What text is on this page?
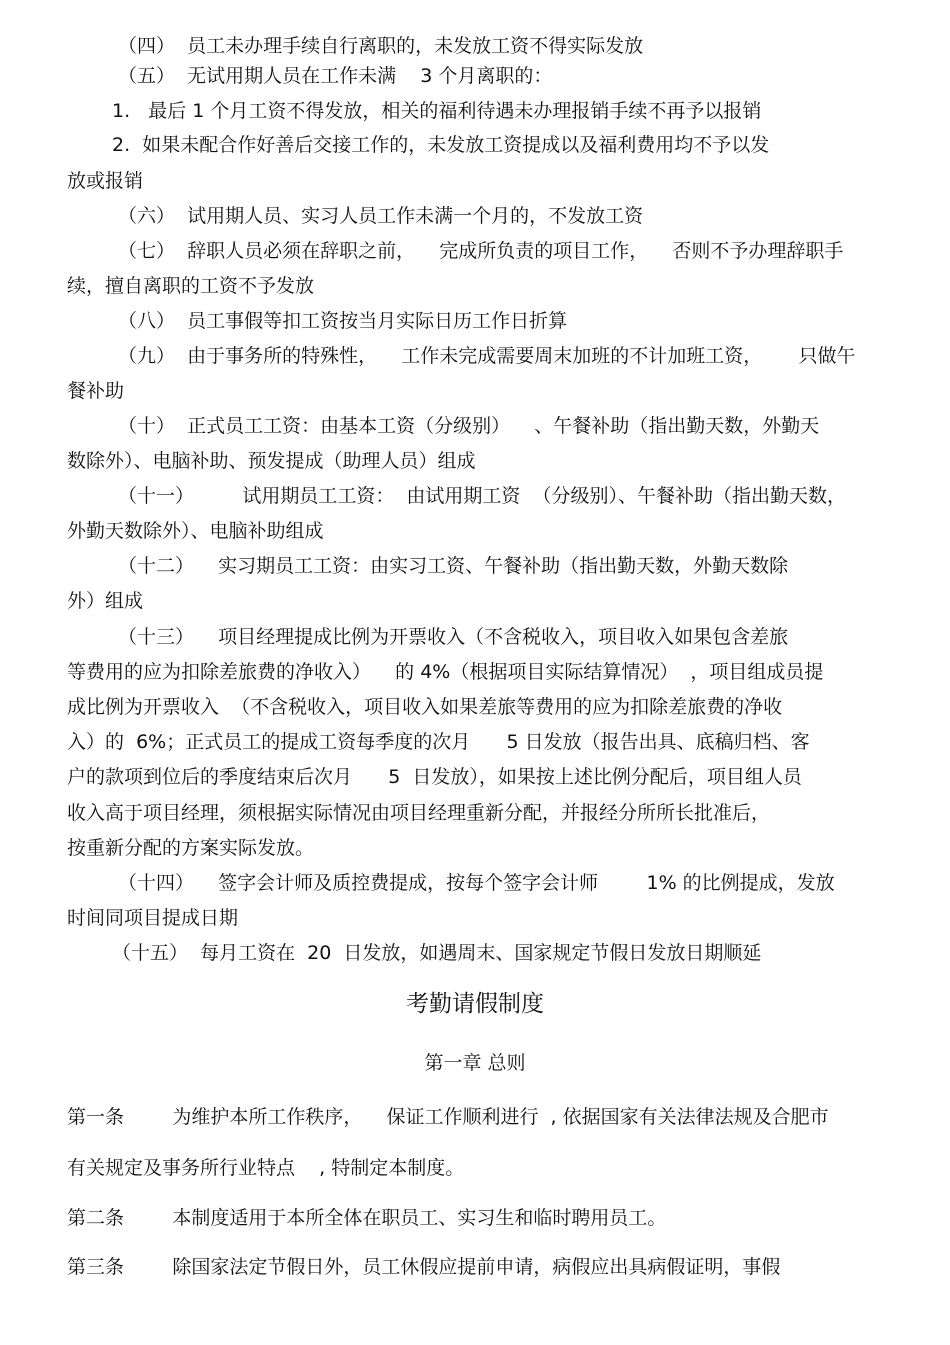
（四）  员工未办理手续自行离职的，未发放工资不得实际发放
（五）  无试用期人员在工作未满    3 个月离职的：
1.   最后 1 个月工资不得发放，相关的福利待遇未办理报销手续不再予以报销
2.  如果未配合作好善后交接工作的，未发放工资提成以及福利费用均不予以发
放或报销
（六）  试用期人员、实习人员工作未满一个月的，不发放工资
（七）  辞职人员必须在辞职之前，    完成所负责的项目工作，    否则不予办理辞职手
续，擅自离职的工资不予发放
（八）  员工事假等扣工资按当月实际日历工作日折算
（九）  由于事务所的特殊性，    工作未完成需要周末加班的不计加班工资，      只做午
餐补助
（十）  正式员工工资：由基本工资（分级别）    、午餐补助（指出勤天数，外勤天
数除外）、电脑补助、预发提成（助理人员）组成
（十一）        试用期员工工资：  由试用期工资  （分级别）、午餐补助（指出勤天数，
外勤天数除外）、电脑补助组成
（十二）    实习期员工工资：由实习工资、午餐补助（指出勤天数，外勤天数除
外）组成
（十三）    项目经理提成比例为开票收入（不含税收入，项目收入如果包含差旅
等费用的应为扣除差旅费的净收入）    的 4%（根据项目实际结算情况）  ，项目组成员提
成比例为开票收入  （不含税收入，项目收入如果差旅等费用的应为扣除差旅费的净收
入）的  6%；正式员工的提成工资每季度的次月      5 日发放（报告出具、底稿归档、客
户的款项到位后的季度结束后次月      5  日发放），如果按上述比例分配后，项目组人员
收入高于项目经理，须根据实际情况由项目经理重新分配，并报经分所所长批准后，
按重新分配的方案实际发放。
（十四）    签字会计师及质控费提成，按每个签字会计师        1% 的比例提成，发放
时间同项目提成日期
（十五）  每月工资在  20  日发放，如遇周末、国家规定节假日发放日期顺延
考勤请假制度
第一章 总则
第一条        为维护本所工作秩序，    保证工作顺利进行  , 依据国家有关法律法规及合肥市
有关规定及事务所行业特点    , 特制定本制度。
第二条        本制度适用于本所全体在职员工、实习生和临时聘用员工。
第三条        除国家法定节假日外，员工休假应提前申请，病假应出具病假证明，事假
